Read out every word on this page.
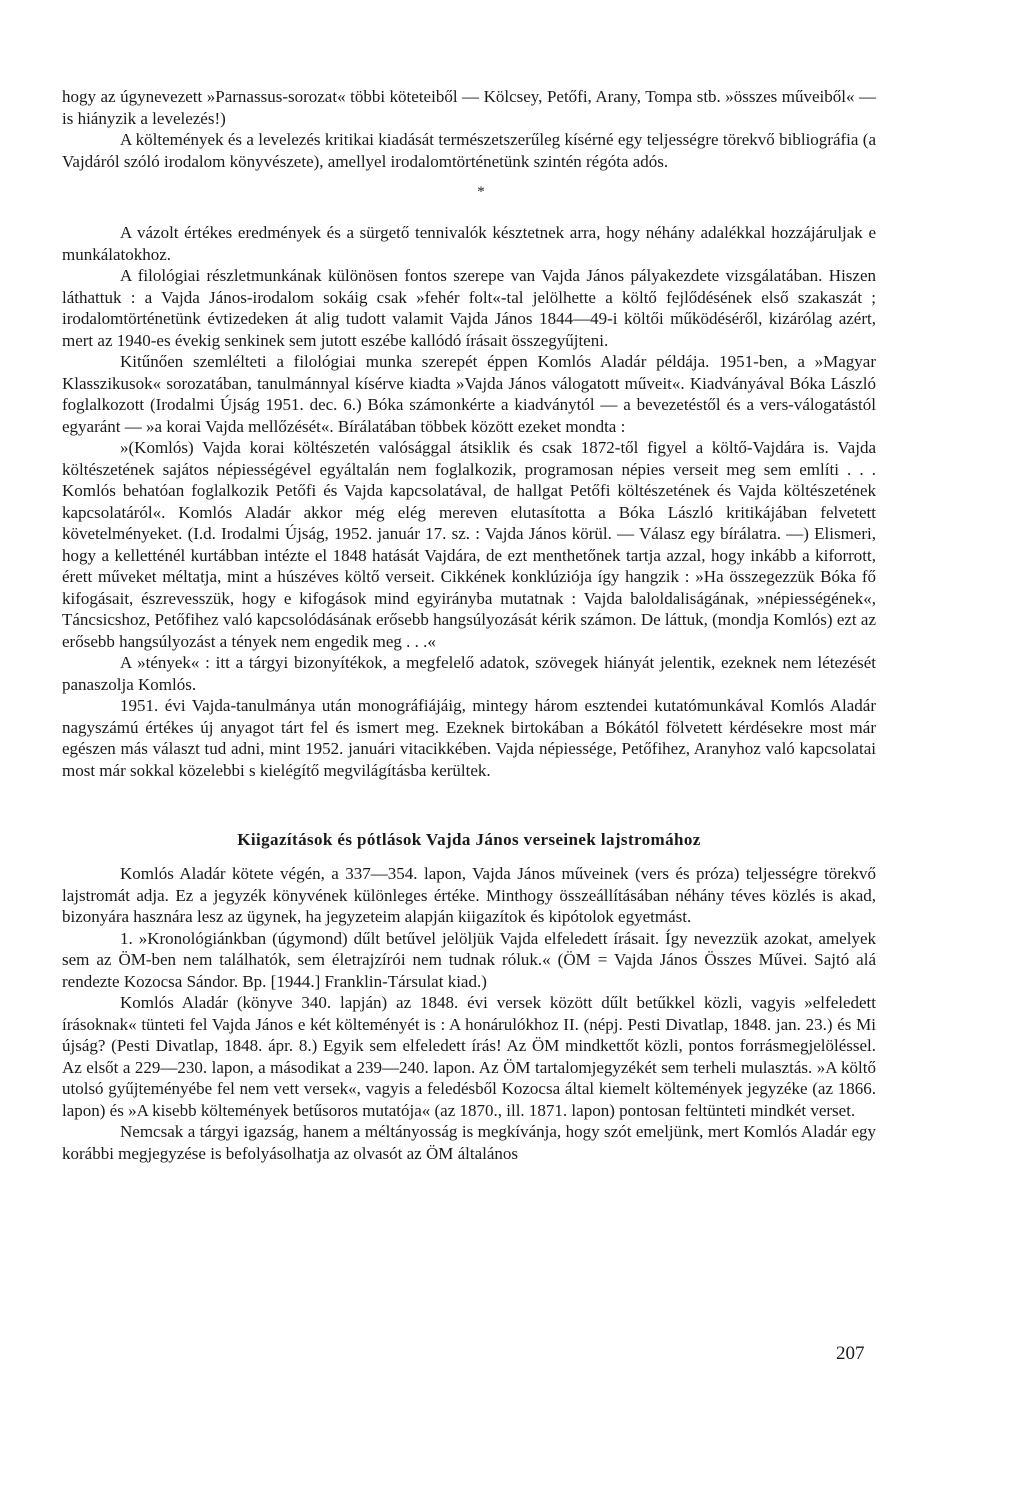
hogy az úgynevezett »Parnassus-sorozat« többi köteteiből — Kölcsey, Petőfi, Arany, Tompa stb. »összes műveiből« — is hiányzik a levelezés!)

A költemények és a levelezés kritikai kiadását természetszerűleg kísérné egy teljességre törekvő bibliográfia (a Vajdáról szóló irodalom könyvészete), amellyel irodalomtörténetünk szintén régóta adós.

*

A vázolt értékes eredmények és a sürgető tennivalók késztetnek arra, hogy néhány adalékkal hozzájáruljak e munkálatokhoz.

A filológiai részletmunkának különösen fontos szerepe van Vajda János pályakezdete vizsgálatában. Hiszen láthattuk : a Vajda János-irodalom sokáig csak »fehér folt«-tal jelölhette a költő fejlődésének első szakaszát ; irodalomtörténetünk évtizedeken át alig tudott valamit Vajda János 1844—49-i költői működéséről, kizárólag azért, mert az 1940-es évekig senkinek sem jutott eszébe kallódó írásait összegyűjteni.

Kitűnően szemlélteti a filológiai munka szerepét éppen Komlós Aladár példája. 1951-ben, a »Magyar Klasszikusok« sorozatában, tanulmánnyal kísérve kiadta »Vajda János válogatott műveit«. Kiadványával Bóka László foglalkozott (Irodalmi Újság 1951. dec. 6.) Bóka számonkérte a kiadványtól — a bevezetéstől és a vers-válogatástól egyaránt — »a korai Vajda mellőzését«. Bírálatában többek között ezeket mondta :

»(Komlós) Vajda korai költészetén valósággal átsiklik és csak 1872-től figyel a költő-Vajdára is. Vajda költészetének sajátos népiességével egyáltalán nem foglalkozik, programosan népies verseit meg sem említi . . . Komlós behatóan foglalkozik Petőfi és Vajda kapcsolatával, de hallgat Petőfi költészetének és Vajda költészetének kapcsolatáról«. Komlós Aladár akkor még elég mereven elutasította a Bóka László kritikájában felvetett követelményeket. (I.d. Irodalmi Újság, 1952. január 17. sz. : Vajda János körül. — Válasz egy bírálatra. —) Elismeri, hogy a kelletténél kurtábban intézte el 1848 hatását Vajdára, de ezt menthetőnek tartja azzal, hogy inkább a kiforrott, érett műveket méltatja, mint a húszéves költő verseit. Cikkének konklúziója így hangzik : »Ha összegezzük Bóka fő kifogásait, észrevesszük, hogy e kifogások mind egyirányba mutatnak : Vajda baloldaliságának, »népiességének«, Táncsicshoz, Petőfihez való kapcsolódásának erősebb hangsúlyozását kérik számon. De láttuk, (mondja Komlós) ezt az erősebb hangsúlyozást a tények nem engedik meg . . .«

A »tények« : itt a tárgyi bizonyítékok, a megfelelő adatok, szövegek hiányát jelentik, ezeknek nem létezését panaszolja Komlós.

1951. évi Vajda-tanulmánya után monográfiájáig, mintegy három esztendei kutatómunkával Komlós Aladár nagyszámú értékes új anyagot tárt fel és ismert meg. Ezeknek birtokában a Bókától fölvetett kérdésekre most már egészen más választ tud adni, mint 1952. januári vitacikkében. Vajda népiessége, Petőfihez, Aranyhoz való kapcsolatai most már sokkal közelebbi s kielégítő megvilágításba kerültek.

Kiigazítások és pótlások Vajda János verseinek lajstromához

Komlós Aladár kötete végén, a 337—354. lapon, Vajda János műveinek (vers és próza) teljességre törekvő lajstromát adja. Ez a jegyzék könyvének különleges értéke. Minthogy összeállításában néhány téves közlés is akad, bizonyára hasznára lesz az ügynek, ha jegyzeteim alapján kiigazítok és kipótolok egyetmást.

1. »Kronológiánkban (úgymond) dűlt betűvel jelöljük Vajda elfeledett írásait. Így nevezzük azokat, amelyek sem az ÖM-ben nem találhatók, sem életrajzírói nem tudnak róluk.« (ÖM = Vajda János Összes Művei. Sajtó alá rendezte Kozocsa Sándor. Bp. [1944.] Franklin-Társulat kiad.)

Komlós Aladár (könyve 340. lapján) az 1848. évi versek között dűlt betűkkel közli, vagyis »elfeledett írásoknak« tünteti fel Vajda János e két költeményét is : A honárulókhoz II. (népj. Pesti Divatlap, 1848. jan. 23.) és Mi újság? (Pesti Divatlap, 1848. ápr. 8.) Egyik sem elfeledett írás! Az ÖM mindkettőt közli, pontos forrásmegjelöléssel. Az elsőt a 229—230. lapon, a másodikat a 239—240. lapon. Az ÖM tartalomjegyzékét sem terheli mulasztás. »A költő utolsó gyűjteményébe fel nem vett versek«, vagyis a feledésből Kozocsa által kiemelt költemények jegyzéke (az 1866. lapon) és »A kisebb költemények betűsoros mutatója« (az 1870., ill. 1871. lapon) pontosan feltünteti mindkét verset.

Nemcsak a tárgyi igazság, hanem a méltányosság is megkívánja, hogy szót emeljünk, mert Komlós Aladár egy korábbi megjegyzése is befolyásolhatja az olvasót az ÖM általános

207
